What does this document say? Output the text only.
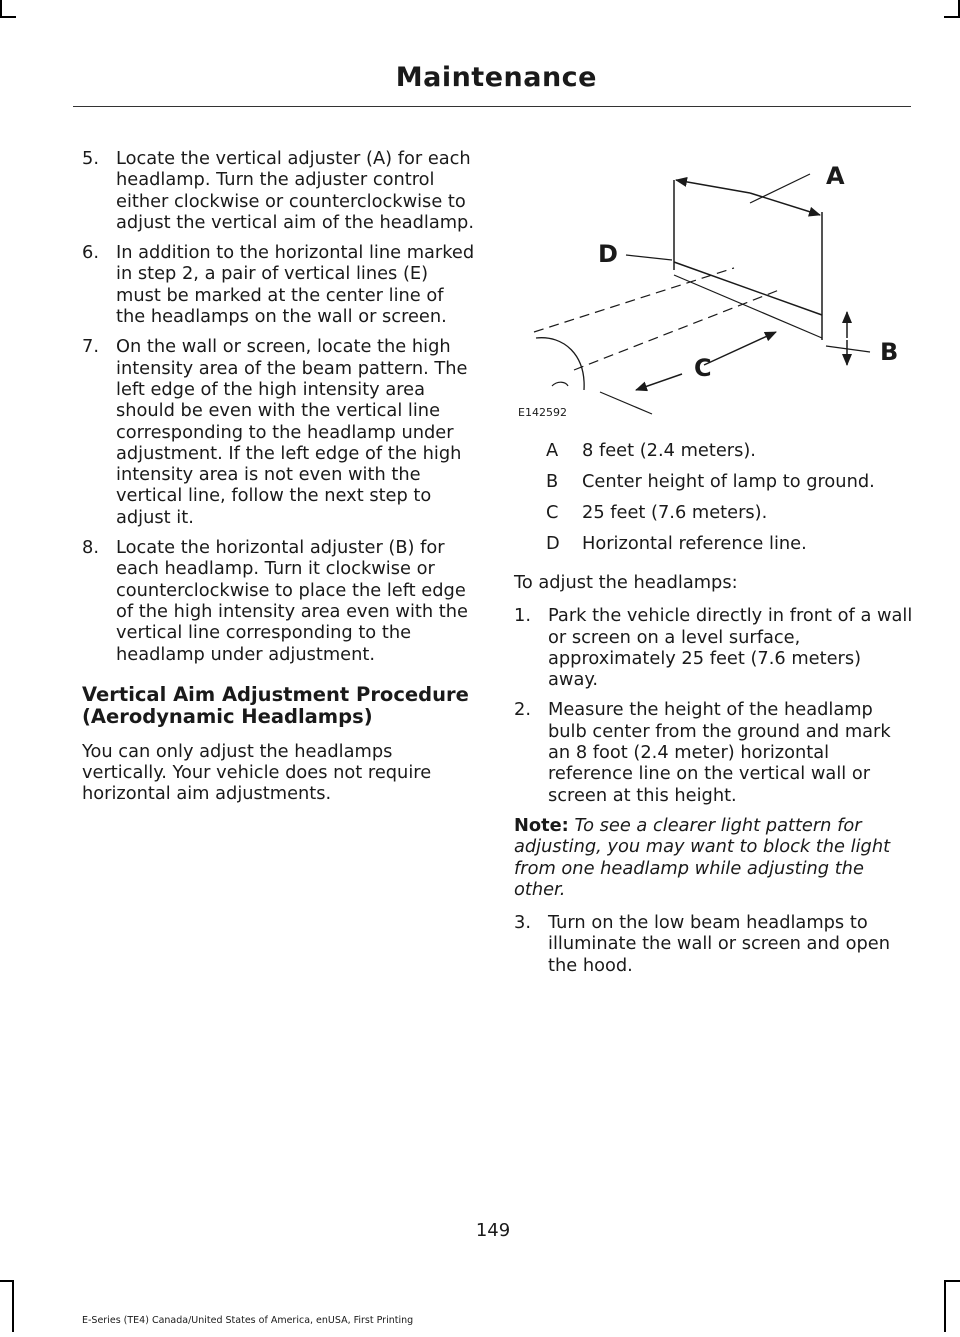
Maintenance
5. Locate the vertical adjuster (A) for each headlamp. Turn the adjuster control either clockwise or counterclockwise to adjust the vertical aim of the headlamp.
6. In addition to the horizontal line marked in step 2, a pair of vertical lines (E) must be marked at the center line of the headlamps on the wall or screen.
7. On the wall or screen, locate the high intensity area of the beam pattern. The left edge of the high intensity area should be even with the vertical line corresponding to the headlamp under adjustment. If the left edge of the high intensity area is not even with the vertical line, follow the next step to adjust it.
8. Locate the horizontal adjuster (B) for each headlamp. Turn it clockwise or counterclockwise to place the left edge of the high intensity area even with the vertical line corresponding to the headlamp under adjustment.
Vertical Aim Adjustment Procedure (Aerodynamic Headlamps)
You can only adjust the headlamps vertically. Your vehicle does not require horizontal aim adjustments.
A
D
B
C
E142592
A	8 feet (2.4 meters).
B	Center height of lamp to ground.
C	25 feet (7.6 meters).
D	Horizontal reference line.
To adjust the headlamps:
1. Park the vehicle directly in front of a wall or screen on a level surface, approximately 25 feet (7.6 meters) away.
2. Measure the height of the headlamp bulb center from the ground and mark an 8 foot (2.4 meter) horizontal reference line on the vertical wall or screen at this height.
Note: To see a clearer light pattern for adjusting, you may want to block the light from one headlamp while adjusting the other.
3. Turn on the low beam headlamps to illuminate the wall or screen and open the hood.
149
E-Series (TE4) Canada/United States of America, enUSA, First Printing
